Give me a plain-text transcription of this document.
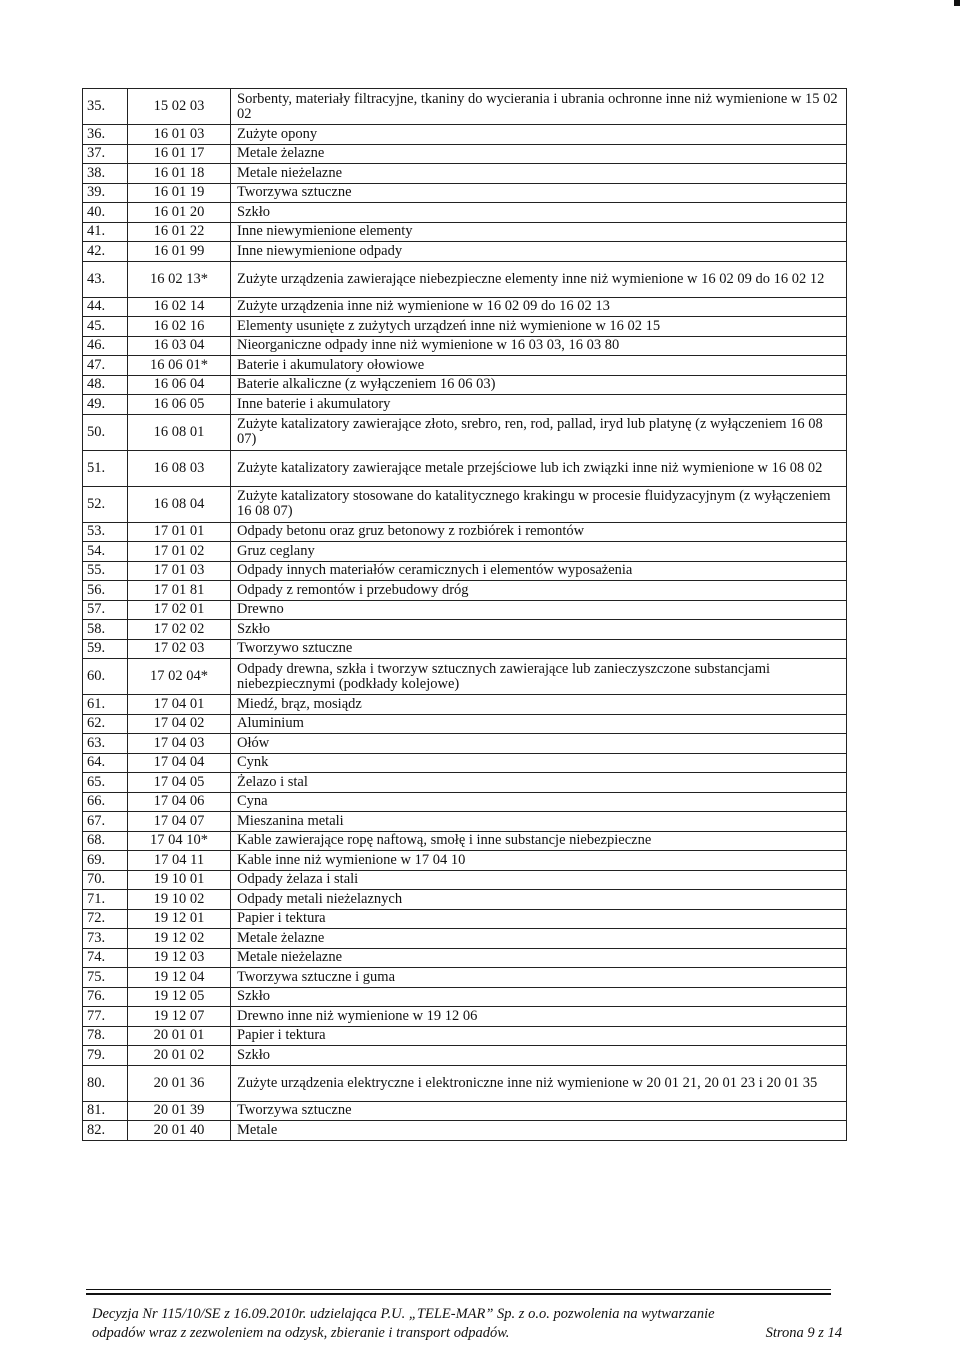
35.	15 02 03	Sorbenty, materiały filtracyjne, tkaniny do wycierania i ubrania ochronne inne niż wymienione w 15 02 02
36.	16 01 03	Zużyte opony
37.	16 01 17	Metale żelazne
38.	16 01 18	Metale nieżelazne
39.	16 01 19	Tworzywa sztuczne
40.	16 01 20	Szkło
41.	16 01 22	Inne niewymienione elementy
42.	16 01 99	Inne niewymienione odpady
43.	16 02 13*	Zużyte urządzenia zawierające niebezpieczne elementy inne niż wymienione w 16 02 09 do 16 02 12
44.	16 02 14	Zużyte urządzenia inne niż wymienione w 16 02 09 do 16 02 13
45.	16 02 16	Elementy usunięte z zużytych urządzeń inne niż wymienione w 16 02 15
46.	16 03 04	Nieorganiczne odpady inne niż wymienione w 16 03 03, 16 03 80
47.	16 06 01*	Baterie i akumulatory ołowiowe
48.	16 06 04	Baterie alkaliczne (z wyłączeniem 16 06 03)
49.	16 06 05	Inne baterie i akumulatory
50.	16 08 01	Zużyte katalizatory zawierające złoto, srebro, ren, rod, pallad, iryd lub platynę (z wyłączeniem 16 08 07)
51.	16 08 03	Zużyte katalizatory zawierające metale przejściowe lub ich związki inne niż wymienione w 16 08 02
52.	16 08 04	Zużyte katalizatory stosowane do katalitycznego krakingu w procesie fluidyzacyjnym (z wyłączeniem 16 08 07)
53.	17 01 01	Odpady betonu oraz gruz betonowy z rozbiórek i remontów
54.	17 01 02	Gruz ceglany
55.	17 01 03	Odpady innych materiałów ceramicznych i elementów wyposażenia
56.	17 01 81	Odpady z remontów i przebudowy dróg
57.	17 02 01	Drewno
58.	17 02 02	Szkło
59.	17 02 03	Tworzywo sztuczne
60.	17 02 04*	Odpady drewna, szkła i tworzyw sztucznych zawierające lub zanieczyszczone substancjami niebezpiecznymi (podkłady kolejowe)
61.	17 04 01	Miedź, brąz, mosiądz
62.	17 04 02	Aluminium
63.	17 04 03	Ołów
64.	17 04 04	Cynk
65.	17 04 05	Żelazo i stal
66.	17 04 06	Cyna
67.	17 04 07	Mieszanina metali
68.	17 04 10*	Kable zawierające ropę naftową, smołę i inne substancje niebezpieczne
69.	17 04 11	Kable inne niż wymienione w 17 04 10
70.	19 10 01	Odpady żelaza i stali
71.	19 10 02	Odpady metali nieżelaznych
72.	19 12 01	Papier i tektura
73.	19 12 02	Metale żelazne
74.	19 12 03	Metale nieżelazne
75.	19 12 04	Tworzywa sztuczne i guma
76.	19 12 05	Szkło
77.	19 12 07	Drewno inne niż wymienione w 19 12 06
78.	20 01 01	Papier i tektura
79.	20 01 02	Szkło
80.	20 01 36	Zużyte urządzenia elektryczne i elektroniczne inne niż wymienione w 20 01 21, 20 01 23 i 20 01 35
81.	20 01 39	Tworzywa sztuczne
82.	20 01 40	Metale
Decyzja Nr 115/10/SE z 16.09.2010r. udzielająca P.U. „TELE-MAR” Sp. z o.o. pozwolenia na wytwarzanie
odpadów wraz z zezwoleniem na odzysk, zbieranie i transport odpadów.	Strona 9 z 14
